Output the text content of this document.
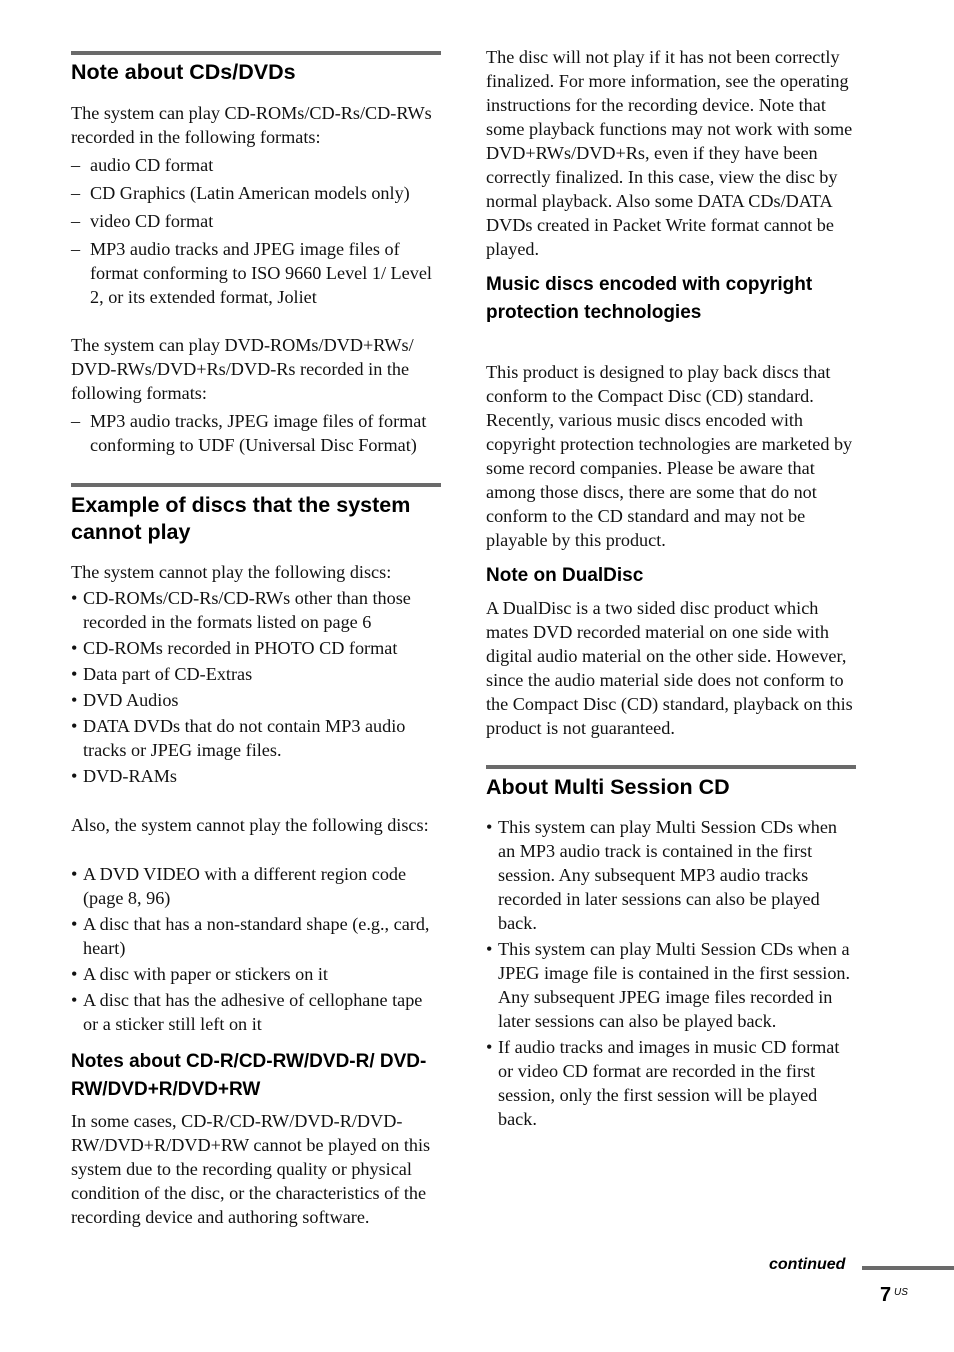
Note about CDs/DVDs

The system can play CD-ROMs/CD-Rs/CD-RWs recorded in the following formats:

– audio CD format
– CD Graphics (Latin American models only)
– video CD format
– MP3 audio tracks and JPEG image files of format conforming to ISO 9660 Level 1/ Level 2, or its extended format, Joliet

The system can play DVD-ROMs/DVD+RWs/ DVD-RWs/DVD+Rs/DVD-Rs recorded in the following formats:

– MP3 audio tracks, JPEG image files of format conforming to UDF (Universal Disc Format)
Example of discs that the system cannot play

The system cannot play the following discs:

• CD-ROMs/CD-Rs/CD-RWs other than those recorded in the formats listed on page 6
• CD-ROMs recorded in PHOTO CD format
• Data part of CD-Extras
• DVD Audios
• DATA DVDs that do not contain MP3 audio tracks or JPEG image files.
• DVD-RAMs

Also, the system cannot play the following discs:

• A DVD VIDEO with a different region code (page 8, 96)
• A disc that has a non-standard shape (e.g., card, heart)
• A disc with paper or stickers on it
• A disc that has the adhesive of cellophane tape or a sticker still left on it
Notes about CD-R/CD-RW/DVD-R/ DVD-RW/DVD+R/DVD+RW

In some cases, CD-R/CD-RW/DVD-R/DVD-RW/DVD+R/DVD+RW cannot be played on this system due to the recording quality or physical condition of the disc, or the characteristics of the recording device and authoring software.

The disc will not play if it has not been correctly finalized. For more information, see the operating instructions for the recording device. Note that some playback functions may not work with some DVD+RWs/DVD+Rs, even if they have been correctly finalized. In this case, view the disc by normal playback. Also some DATA CDs/DATA DVDs created in Packet Write format cannot be played.

Music discs encoded with copyright protection technologies

This product is designed to play back discs that conform to the Compact Disc (CD) standard. Recently, various music discs encoded with copyright protection technologies are marketed by some record companies. Please be aware that among those discs, there are some that do not conform to the CD standard and may not be playable by this product.

Note on DualDisc

A DualDisc is a two sided disc product which mates DVD recorded material on one side with digital audio material on the other side. However, since the audio material side does not conform to the Compact Disc (CD) standard, playback on this product is not guaranteed.

About Multi Session CD
• This system can play Multi Session CDs when an MP3 audio track is contained in the first session. Any subsequent MP3 audio tracks recorded in later sessions can also be played back.
• This system can play Multi Session CDs when a JPEG image file is contained in the first session. Any subsequent JPEG image files recorded in later sessions can also be played back.
• If audio tracks and images in music CD format or video CD format are recorded in the first session, only the first session will be played back.
continued
7 US
